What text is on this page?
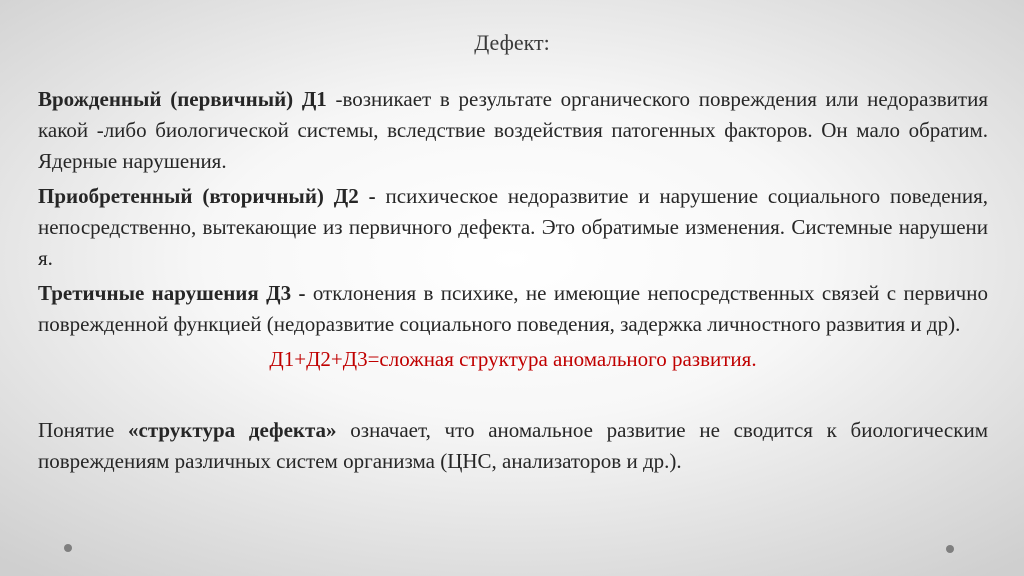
Дефект:

Врожденный (первичный) Д1 -возникает в результате органического повреждения или недоразвития какой -либо биологической системы, вследствие воздействия патогенных факторов. Он мало обратим. Ядерные нарушения.

Приобретенный (вторичный) Д2 - психическое недоразвитие и нарушение социального поведения, непосредственно, вытекающие из первичного дефекта. Это обратимые изменения. Системные нарушени я.

Третичные нарушения Д3 - отклонения в психике, не имеющие непосредственных связей с первично поврежденной функцией (недоразвитие социального поведения, задержка личностного развития и др).

Д1+Д2+Д3=сложная структура аномального развития.

Понятие «структура дефекта» означает, что аномальное развитие не сводится к биологическим повреждениям различных систем организма (ЦНС, анализаторов и др.).
